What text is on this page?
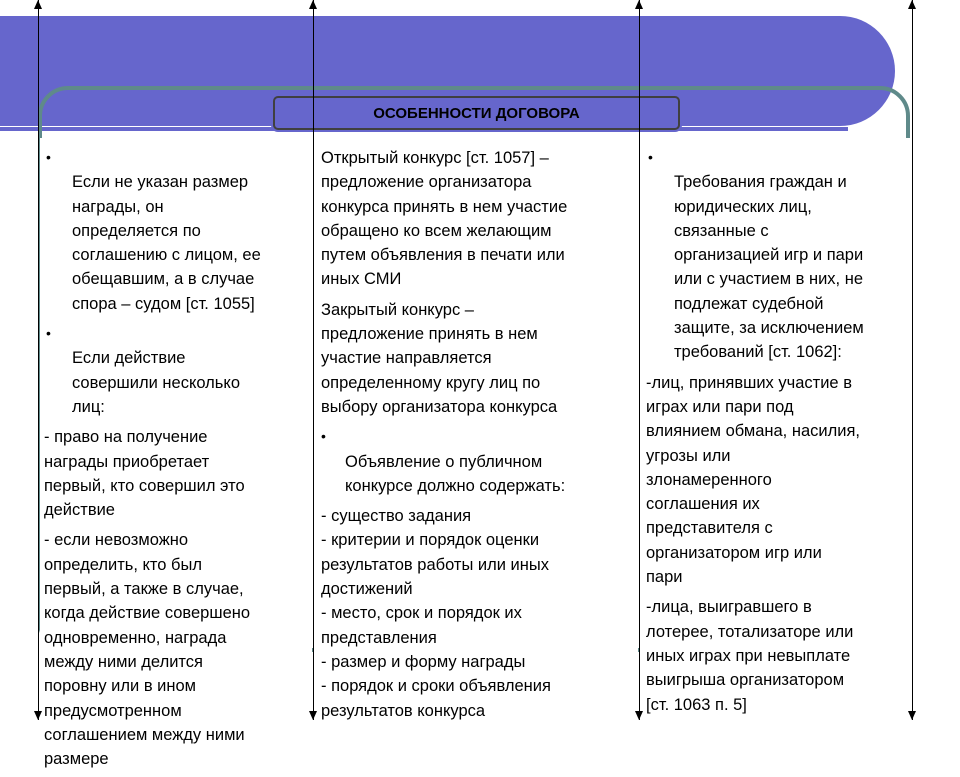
ОСОБЕННОСТИ ДОГОВОРА

•
Если не указан размер
награды, он
определяется по
соглашению с лицом, ее
обещавшим, а в случае
спора – судом [ст. 1055]

•
Если действие
совершили несколько
лиц:

- право на получение
награды приобретает
первый, кто совершил это
действие

- если невозможно
определить, кто был
первый, а также в случае,
когда действие совершено
одновременно, награда
между ними делится
поровну или в ином
предусмотренном
соглашением между ними
размере

Открытый конкурс [ст. 1057] –
предложение организатора
конкурса принять в нем участие
обращено ко всем желающим
путем объявления в печати или
иных СМИ

Закрытый конкурс –
предложение принять в нем
участие направляется
определенному кругу лиц по
выбору организатора конкурса

•
Объявление о публичном
конкурсе должно содержать:

- существо задания
- критерии и порядок оценки
результатов работы или иных
достижений
- место, срок и порядок их
представления
- размер и форму награды
- порядок и сроки объявления
результатов конкурса

•
Требования граждан и
юридических лиц,
связанные с
организацией игр и пари
или с участием в них, не
подлежат судебной
защите, за исключением
требований [ст. 1062]:

-лиц, принявших участие в
играх или пари под
влиянием обмана, насилия,
угрозы или
злонамеренного
соглашения их
представителя с
организатором игр или
пари

-лица, выигравшего в
лотерее, тотализаторе или
иных играх при невыплате
выигрыша организатором
[ст. 1063 п. 5]
